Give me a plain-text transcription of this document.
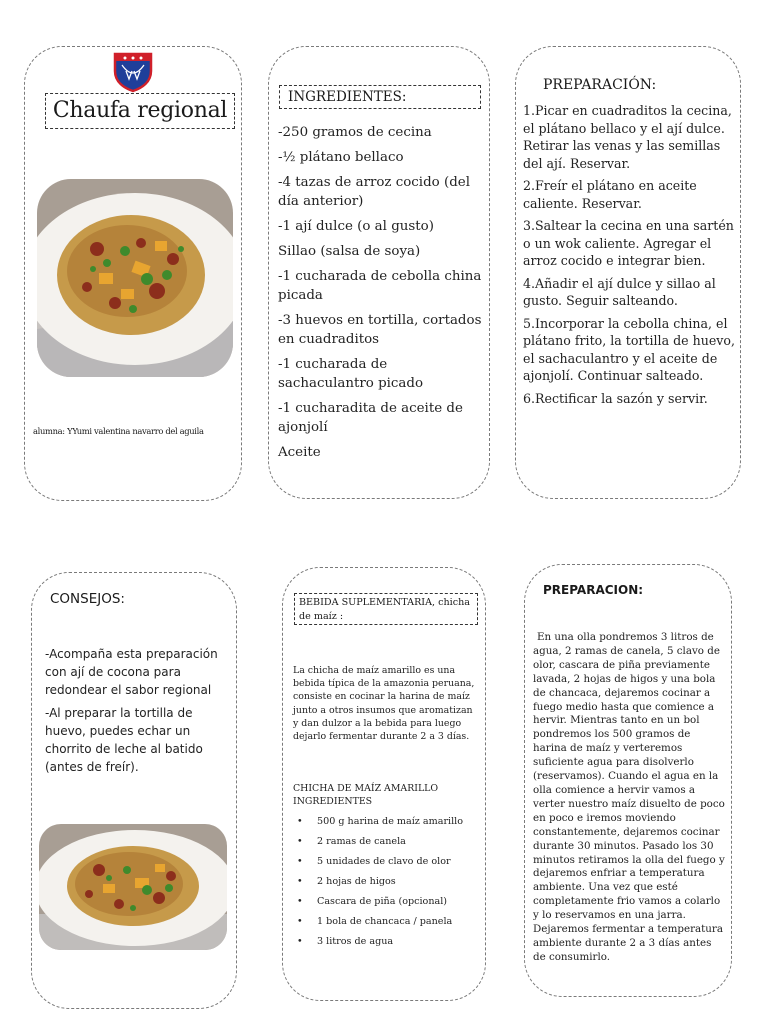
Chaufa regional
alumna: YYumi valentina navarro del aguila
INGREDIENTES:
-250 gramos de cecina
-½ plátano bellaco
-4 tazas de arroz cocido (del día anterior)
-1 ají dulce (o al gusto)
Sillao (salsa de soya)
-1 cucharada de cebolla china picada
-3 huevos en tortilla, cortados en cuadraditos
-1 cucharada de sachaculantro picado
-1 cucharadita de aceite de ajonjolí
Aceite
PREPARACIÓN:
1.Picar en cuadraditos la cecina, el plátano bellaco y el ají dulce. Retirar las venas y las semillas del ají. Reservar.
2.Freír el plátano en aceite caliente. Reservar.
3.Saltear la cecina en una sartén o un wok caliente. Agregar el arroz cocido e integrar bien.
4.Añadir el ají dulce y sillao al gusto. Seguir salteando.
5.Incorporar la cebolla china, el plátano frito, la tortilla de huevo, el sachaculantro y el aceite de ajonjolí. Continuar salteado.
6.Rectificar la sazón y servir.
CONSEJOS:
-Acompaña esta preparación con ají de cocona para redondear el sabor regional
-Al preparar la tortilla de huevo, puedes echar un chorrito de leche al batido (antes de freír).
BEBIDA SUPLEMENTARIA, chicha de maíz :
La chicha de maíz amarillo es una bebida típica de la amazonia peruana, consiste en cocinar la harina de maíz junto a otros insumos que aromatizan y dan dulzor a la bebida para luego dejarlo fermentar durante 2 a 3 días.
CHICHA DE MAÍZ AMARILLO INGREDIENTES
•	500 g harina de maíz amarillo
•	2 ramas de canela
•	5 unidades de clavo de olor
•	2 hojas de higos
•	Cascara de piña (opcional)
•	1 bola de chancaca / panela
•	3 litros de agua
PREPARACION:
En una olla pondremos 3 litros de agua, 2 ramas de canela, 5 clavo de olor, cascara de piña previamente lavada, 2 hojas de higos y una bola de chancaca, dejaremos cocinar a fuego medio hasta que comience a hervir. Mientras tanto en un bol pondremos los 500 gramos de harina de maíz y verteremos suficiente agua para disolverlo (reservamos). Cuando el agua en la olla comience a hervir vamos a verter nuestro maíz disuelto de poco en poco e iremos moviendo constantemente, dejaremos cocinar durante 30 minutos. Pasado los 30 minutos retiramos la olla del fuego y dejaremos enfriar a temperatura ambiente. Una vez que esté completamente frio vamos a colarlo y lo reservamos en una jarra. Dejaremos fermentar a temperatura ambiente durante 2 a 3 días antes de consumirlo.
